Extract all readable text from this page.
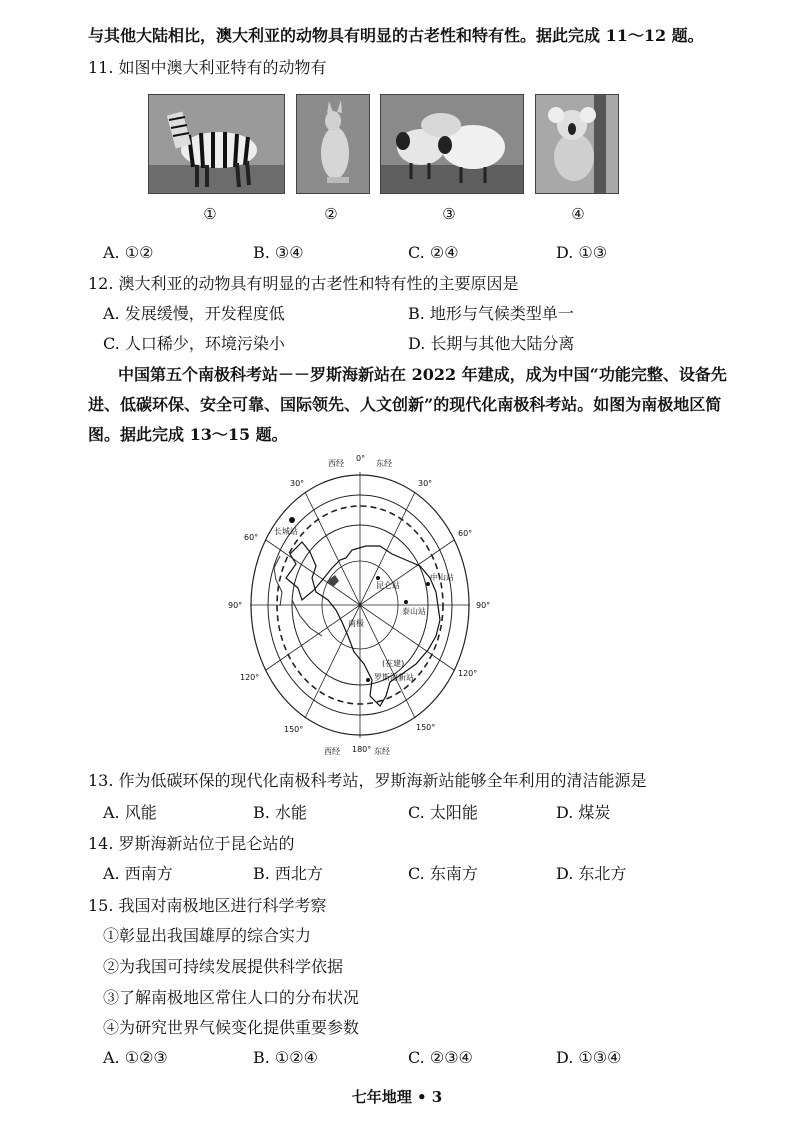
与其他大陆相比，澳大利亚的动物具有明显的古老性和特有性。据此完成 11～12 题。
11. 如图中澳大利亚特有的动物有
①	②	③	④
A. ①②	B. ③④	C. ②④	D. ①③
12. 澳大利亚的动物具有明显的古老性和特有性的主要原因是
A. 发展缓慢，开发程度低	B. 地形与气候类型单一
C. 人口稀少，环境污染小	D. 长期与其他大陆分离
中国第五个南极科考站－－罗斯海新站在 2022 年建成，成为中国“功能完整、设备先
进、低碳环保、安全可靠、国际领先、人文创新”的现代化南极科考站。如图为南极地区简
图。据此完成 13～15 题。
西经
0°
东经
西经 180° 东经
30°	30°
60°	60°
90°	90°
120°	120°
150°	150°
长城站
昆仑站
中山站
泰山站
南极
(在建)
罗斯海新站
13. 作为低碳环保的现代化南极科考站，罗斯海新站能够全年利用的清洁能源是
A. 风能	B. 水能	C. 太阳能	D. 煤炭
14. 罗斯海新站位于昆仑站的
A. 西南方	B. 西北方	C. 东南方	D. 东北方
15. 我国对南极地区进行科学考察
①彰显出我国雄厚的综合实力
②为我国可持续发展提供科学依据
③了解南极地区常住人口的分布状况
④为研究世界气候变化提供重要参数
A. ①②③	B. ①②④	C. ②③④	D. ①③④
七年地理 • 3
